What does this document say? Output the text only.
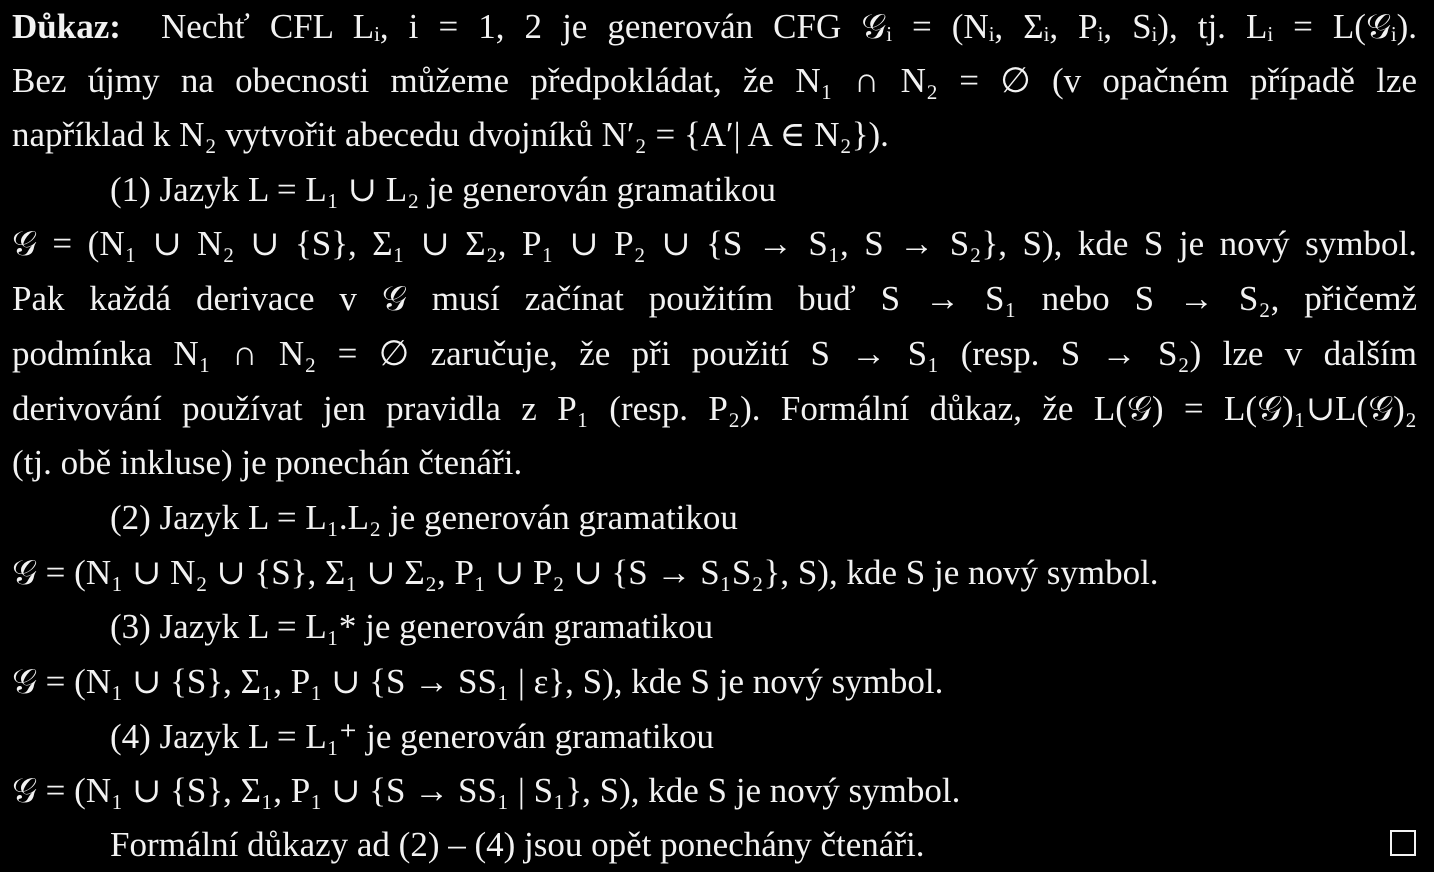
Důkaz: Nechť CFL Lᵢ, i = 1, 2 je generován CFG 𝒢ᵢ = (Nᵢ, Σᵢ, Pᵢ, Sᵢ), tj. Lᵢ = L(𝒢ᵢ).
Bez újmy na obecnosti můžeme předpokládat, že N₁ ∩ N₂ = ∅ (v opačném případě lze
například k N₂ vytvořit abecedu dvojníků N′₂ = {A′| A ∈ N₂}).
(1) Jazyk L = L₁ ∪ L₂ je generován gramatikou
𝒢 = (N₁ ∪ N₂ ∪ {S}, Σ₁ ∪ Σ₂, P₁ ∪ P₂ ∪ {S → S₁, S → S₂}, S), kde S je nový symbol.
Pak každá derivace v 𝒢 musí začínat použitím buď S → S₁ nebo S → S₂, přičemž
podmínka N₁ ∩ N₂ = ∅ zaručuje, že při použití S → S₁ (resp. S → S₂) lze v dalším
derivování používat jen pravidla z P₁ (resp. P₂). Formální důkaz, že L(𝒢) = L(𝒢)₁∪L(𝒢)₂
(tj. obě inkluse) je ponechán čtenáři.
(2) Jazyk L = L₁.L₂ je generován gramatikou
𝒢 = (N₁ ∪ N₂ ∪ {S}, Σ₁ ∪ Σ₂, P₁ ∪ P₂ ∪ {S → S₁S₂}, S), kde S je nový symbol.
(3) Jazyk L = L₁* je generován gramatikou
𝒢 = (N₁ ∪ {S}, Σ₁, P₁ ∪ {S → SS₁ | ε}, S), kde S je nový symbol.
(4) Jazyk L = L₁⁺ je generován gramatikou
𝒢 = (N₁ ∪ {S}, Σ₁, P₁ ∪ {S → SS₁ | S₁}, S), kde S je nový symbol.
Formální důkazy ad (2) – (4) jsou opět ponechány čtenáři.
